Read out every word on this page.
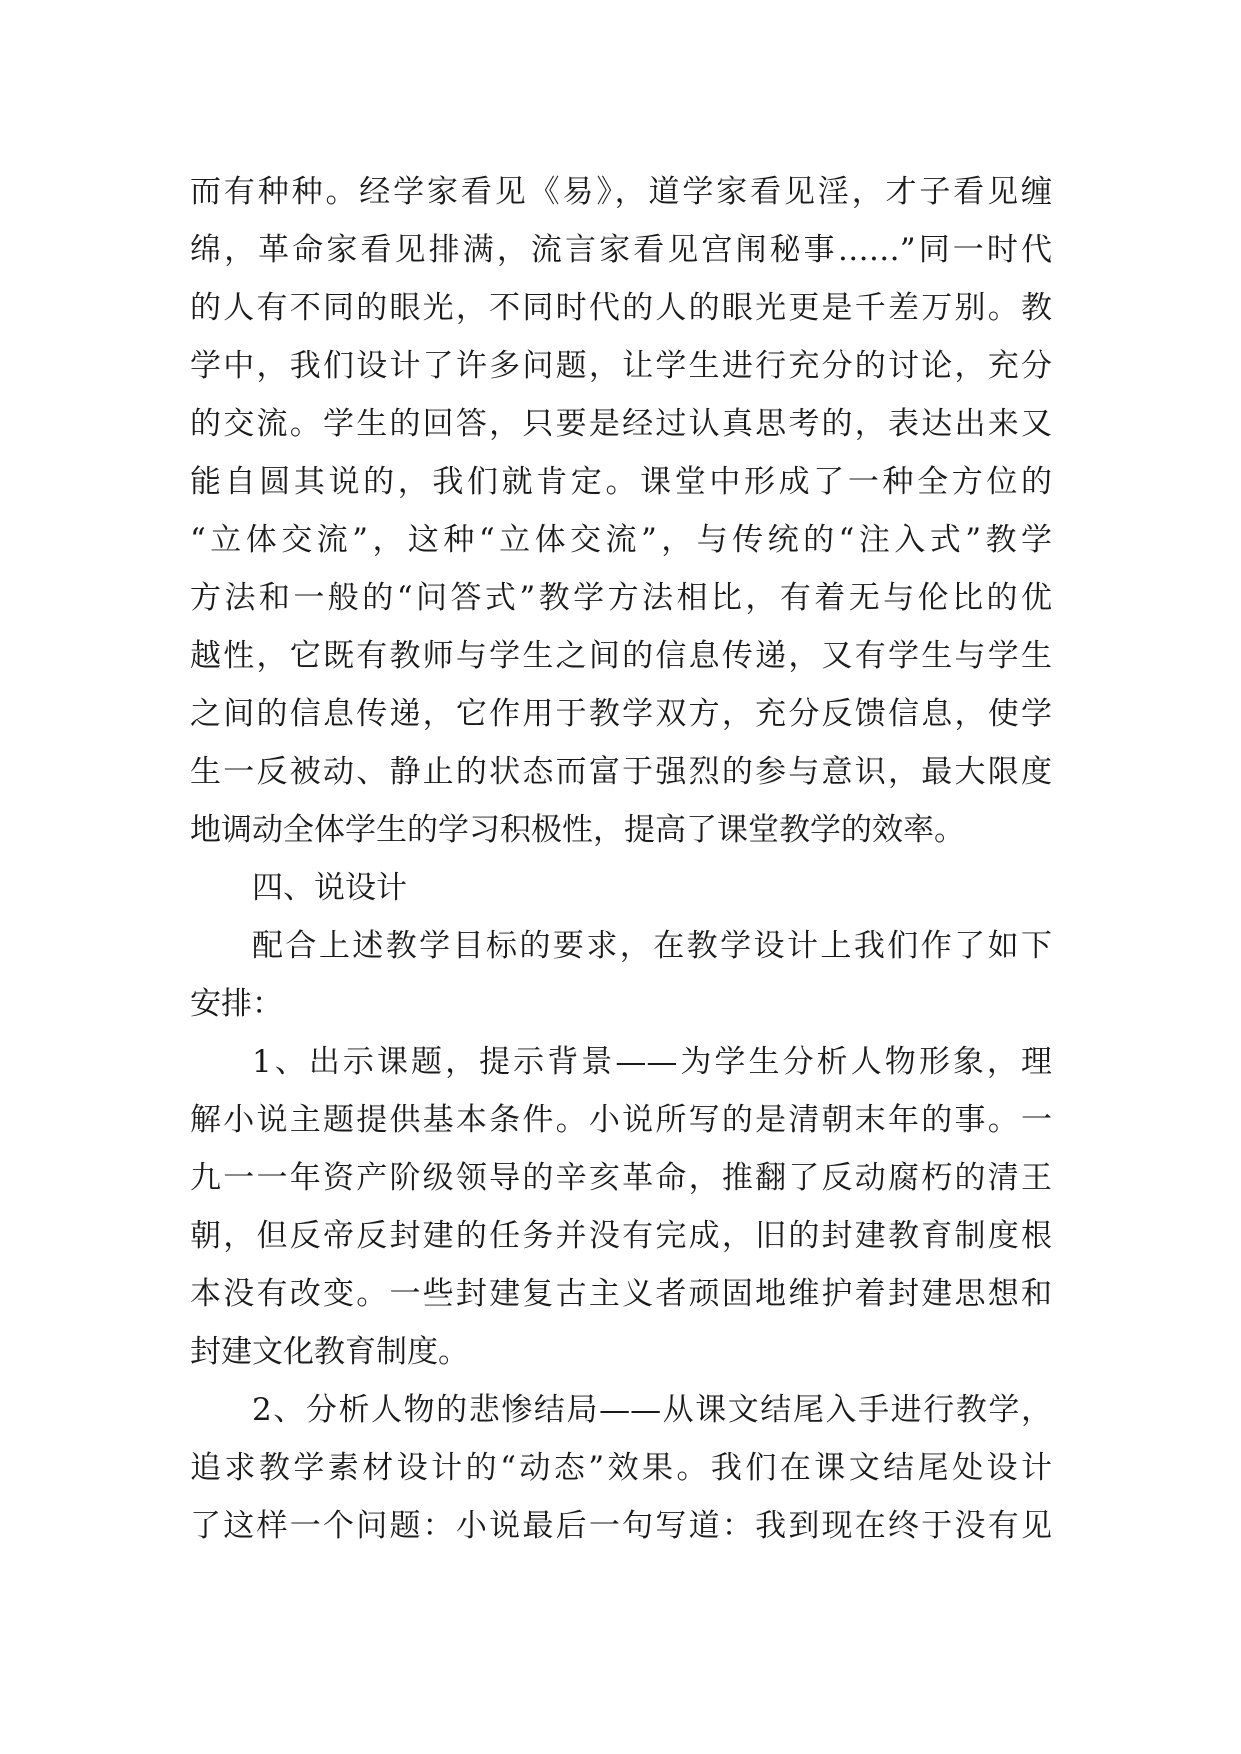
而有种种。经学家看见《易》，道学家看见淫，才子看见缠
绵，革命家看见排满，流言家看见宫闱秘事……”同一时代
的人有不同的眼光，不同时代的人的眼光更是千差万别。教
学中，我们设计了许多问题，让学生进行充分的讨论，充分
的交流。学生的回答，只要是经过认真思考的，表达出来又
能自圆其说的，我们就肯定。课堂中形成了一种全方位的
“立体交流”，这种“立体交流”，与传统的“注入式”教学
方法和一般的“问答式”教学方法相比，有着无与伦比的优
越性，它既有教师与学生之间的信息传递，又有学生与学生
之间的信息传递，它作用于教学双方，充分反馈信息，使学
生一反被动、静止的状态而富于强烈的参与意识，最大限度
地调动全体学生的学习积极性，提高了课堂教学的效率。
四、说设计
配合上述教学目标的要求，在教学设计上我们作了如下
安排：
1、出示课题，提示背景——为学生分析人物形象，理
解小说主题提供基本条件。小说所写的是清朝末年的事。一
九一一年资产阶级领导的辛亥革命，推翻了反动腐朽的清王
朝，但反帝反封建的任务并没有完成，旧的封建教育制度根
本没有改变。一些封建复古主义者顽固地维护着封建思想和
封建文化教育制度。
2、分析人物的悲惨结局——从课文结尾入手进行教学，
追求教学素材设计的“动态”效果。我们在课文结尾处设计
了这样一个问题：小说最后一句写道：我到现在终于没有见
